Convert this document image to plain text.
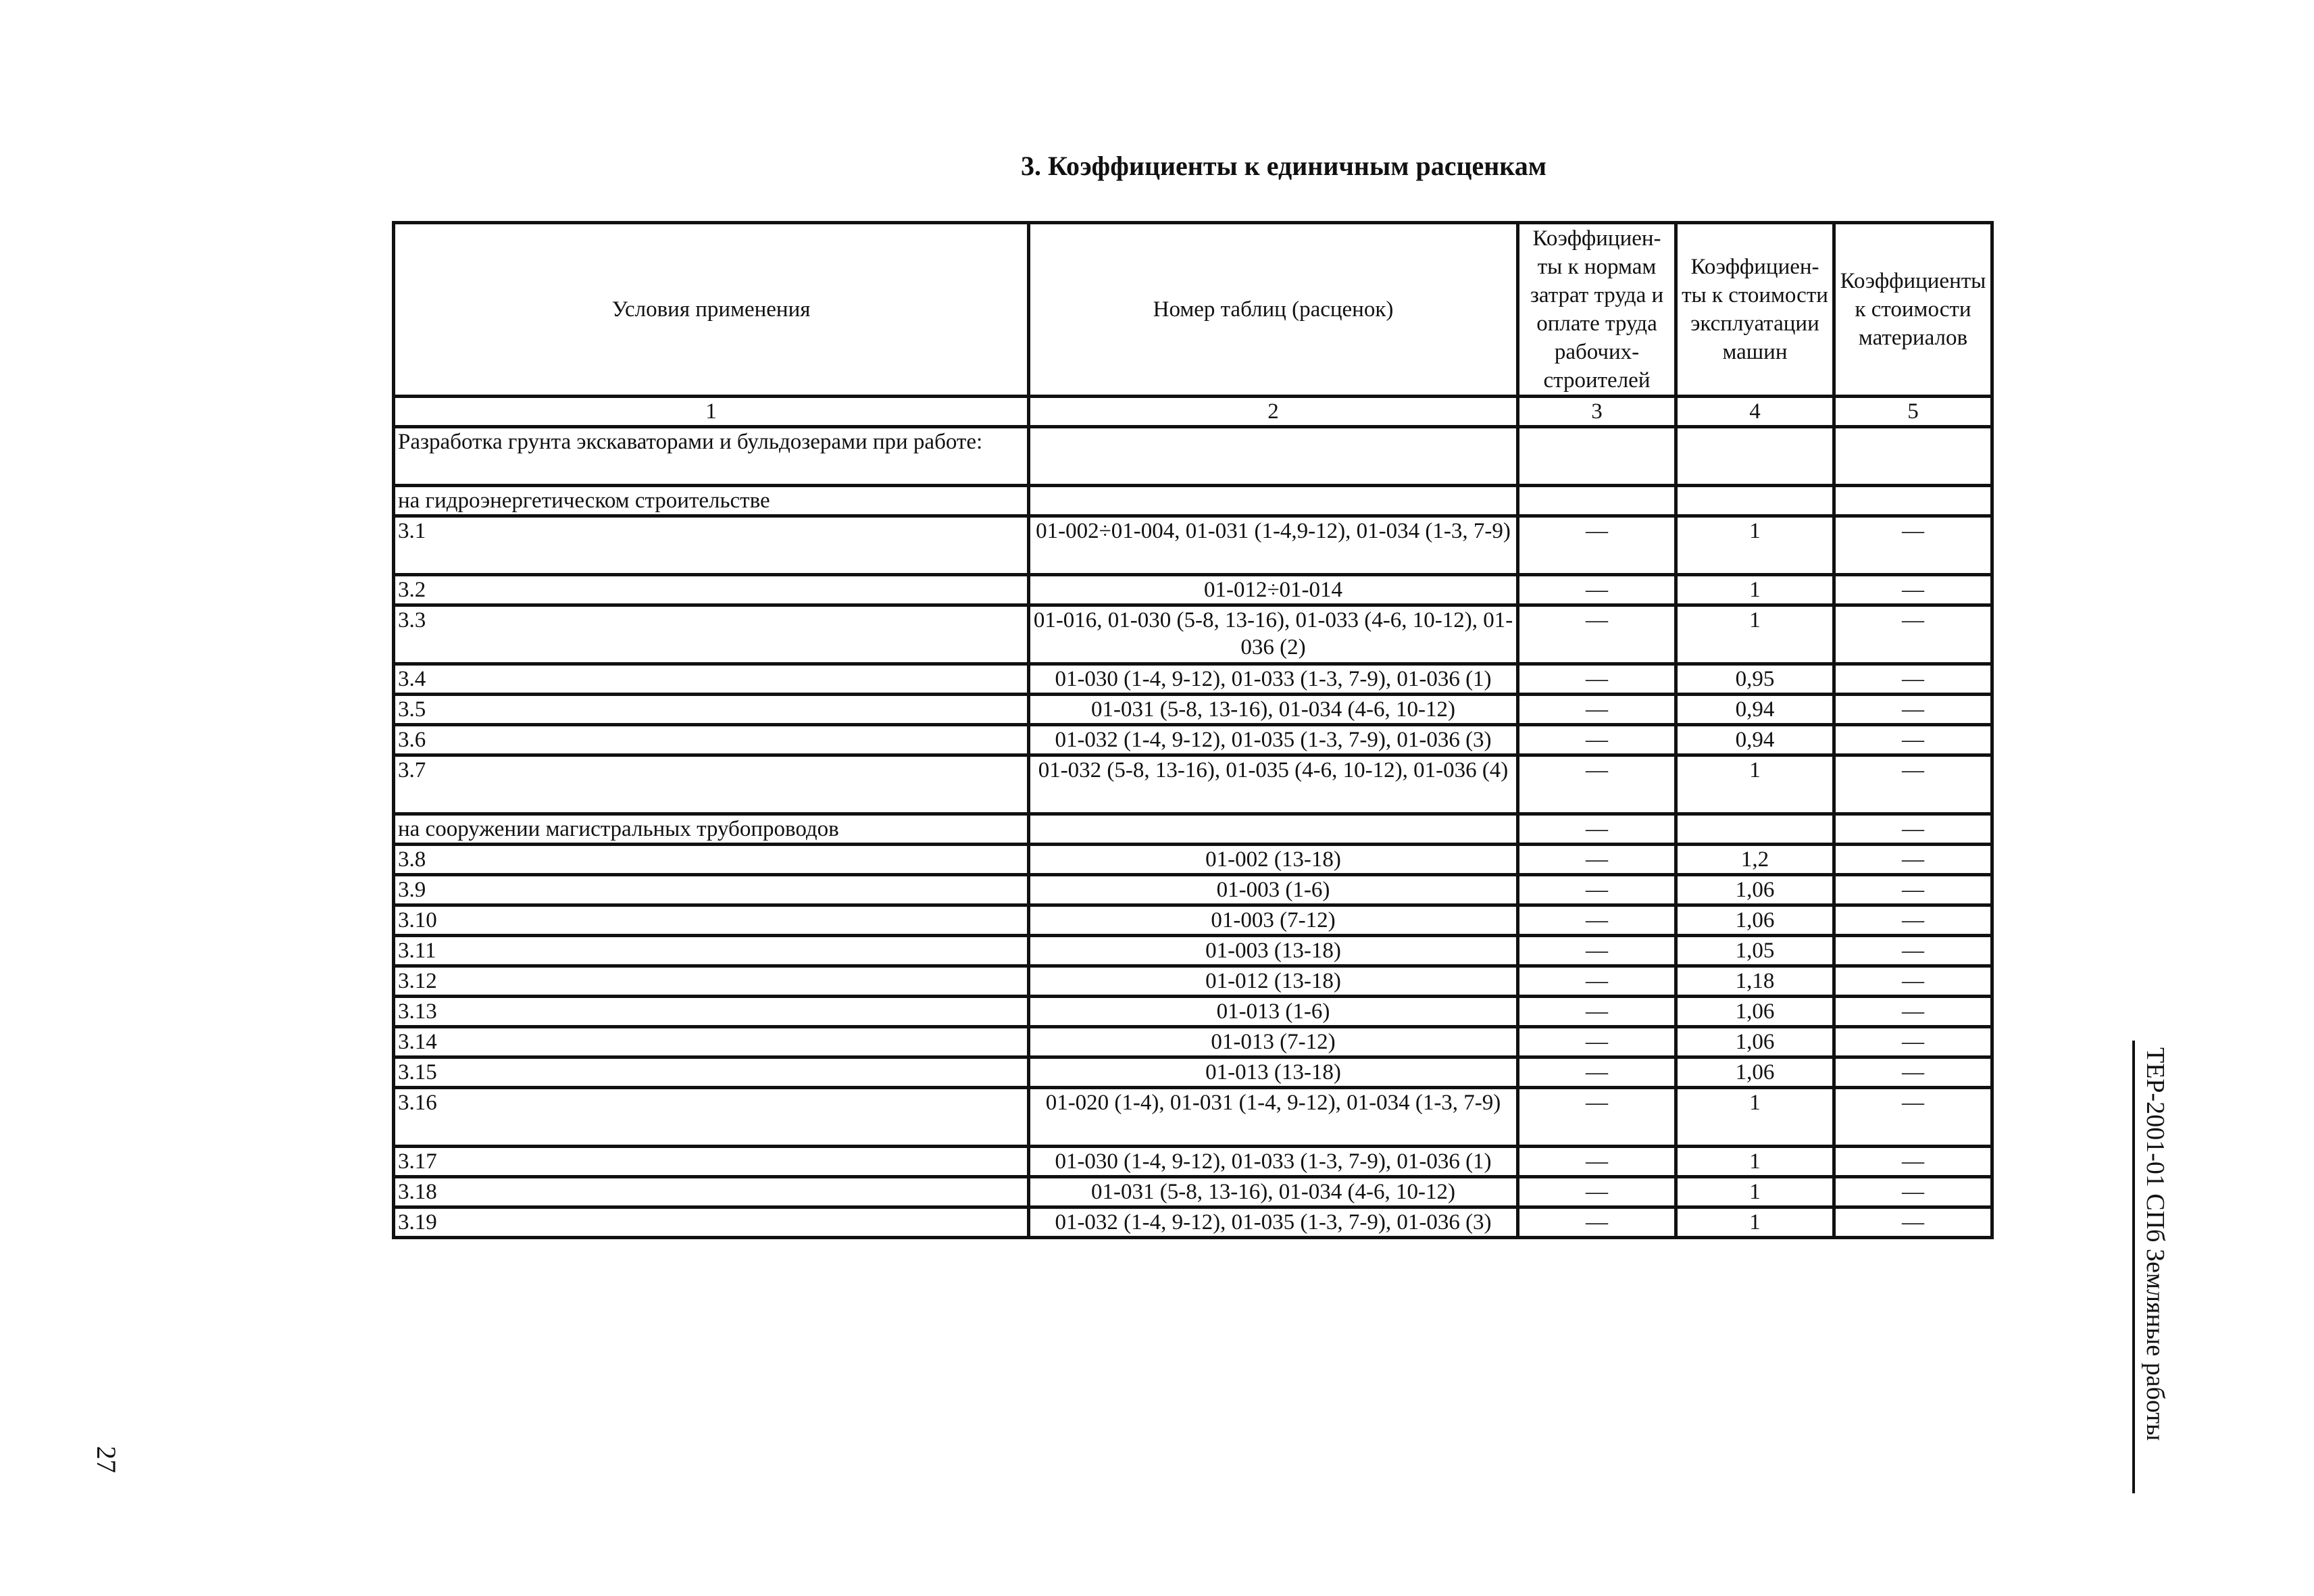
3. Коэффициенты к единичным расценкам
Условия применения	Номер таблиц (расценок)	Коэффициен-ты к нормам затрат труда и оплате труда рабочих-строителей	Коэффициен-ты к стоимости эксплуатации машин	Коэффициенты к стоимости материалов
1	2	3	4	5
Разработка грунта экскаваторами и бульдозерами при работе:				
на гидроэнергетическом строительстве				
3.1	01-002÷01-004, 01-031 (1-4,9-12), 01-034 (1-3, 7-9)	—	1	—
3.2	01-012÷01-014	—	1	—
3.3	01-016, 01-030 (5-8, 13-16), 01-033 (4-6, 10-12), 01-036 (2)	—	1	—
3.4	01-030 (1-4, 9-12), 01-033 (1-3, 7-9), 01-036 (1)	—	0,95	—
3.5	01-031 (5-8, 13-16), 01-034 (4-6, 10-12)	—	0,94	—
3.6	01-032 (1-4, 9-12), 01-035 (1-3, 7-9), 01-036 (3)	—	0,94	—
3.7	01-032 (5-8, 13-16), 01-035 (4-6, 10-12), 01-036 (4)	—	1	—
на сооружении магистральных трубопроводов		—		—
3.8	01-002 (13-18)	—	1,2	—
3.9	01-003 (1-6)	—	1,06	—
3.10	01-003 (7-12)	—	1,06	—
3.11	01-003 (13-18)	—	1,05	—
3.12	01-012 (13-18)	—	1,18	—
3.13	01-013 (1-6)	—	1,06	—
3.14	01-013 (7-12)	—	1,06	—
3.15	01-013 (13-18)	—	1,06	—
3.16	01-020 (1-4), 01-031 (1-4, 9-12), 01-034 (1-3, 7-9)	—	1	—
3.17	01-030 (1-4, 9-12), 01-033 (1-3, 7-9), 01-036 (1)	—	1	—
3.18	01-031 (5-8, 13-16), 01-034 (4-6, 10-12)	—	1	—
3.19	01-032 (1-4, 9-12), 01-035 (1-3, 7-9), 01-036 (3)	—	1	—	ТЕР-2001-01 СПб Земляные работы
27
